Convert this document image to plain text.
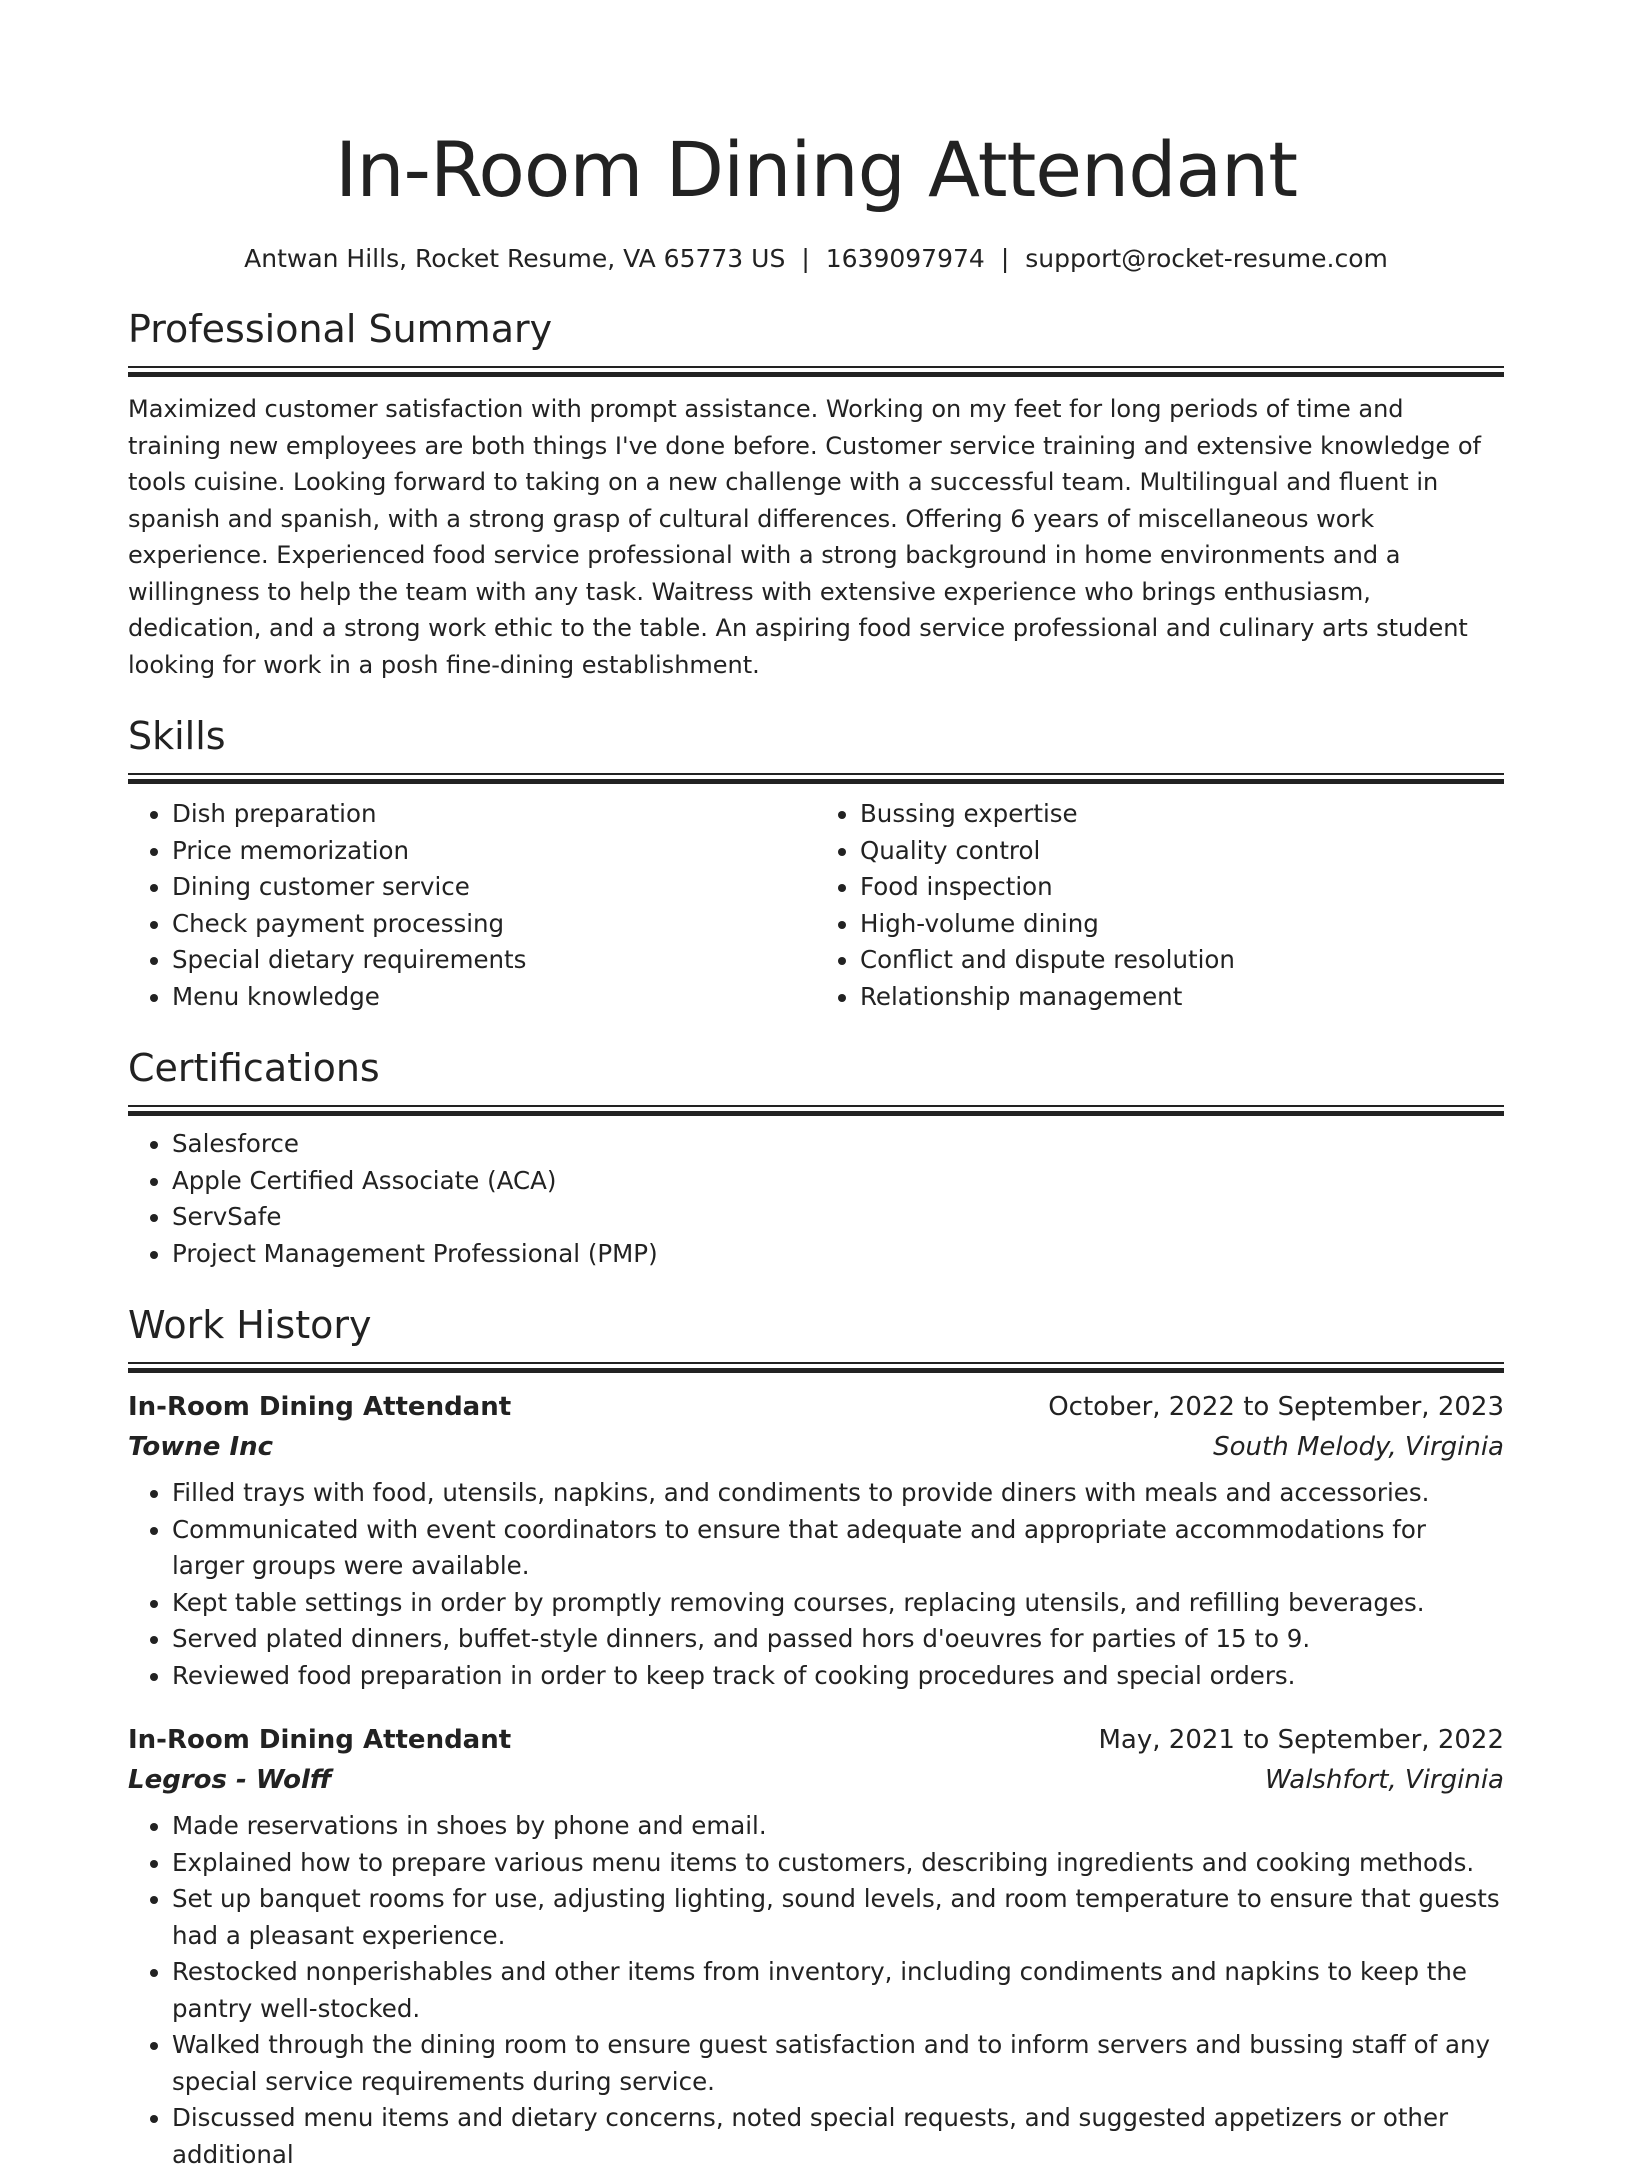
In-Room Dining Attendant
Antwan Hills, Rocket Resume, VA 65773 US | 1639097974 | support@rocket-resume.com
Professional Summary

Maximized customer satisfaction with prompt assistance. Working on my feet for long periods of time and training new employees are both things I've done before. Customer service training and extensive knowledge of tools cuisine. Looking forward to taking on a new challenge with a successful team. Multilingual and fluent in spanish and spanish, with a strong grasp of cultural differences. Offering 6 years of miscellaneous work experience. Experienced food service professional with a strong background in home environments and a willingness to help the team with any task. Waitress with extensive experience who brings enthusiasm, dedication, and a strong work ethic to the table. An aspiring food service professional and culinary arts student looking for work in a posh fine-dining establishment.

Skills
• Dish preparation
• Price memorization
• Dining customer service
• Check payment processing
• Special dietary requirements
• Menu knowledge
• Bussing expertise
• Quality control
• Food inspection
• High-volume dining
• Conflict and dispute resolution
• Relationship management
Certifications
• Salesforce
• Apple Certified Associate (ACA)
• ServSafe
• Project Management Professional (PMP)
Work History
In-Room Dining Attendant	October, 2022 to September, 2023
Towne Inc	South Melody, Virginia
• Filled trays with food, utensils, napkins, and condiments to provide diners with meals and accessories.
• Communicated with event coordinators to ensure that adequate and appropriate accommodations for larger groups were available.
• Kept table settings in order by promptly removing courses, replacing utensils, and refilling beverages.
• Served plated dinners, buffet-style dinners, and passed hors d'oeuvres for parties of 15 to 9.
• Reviewed food preparation in order to keep track of cooking procedures and special orders.
In-Room Dining Attendant	May, 2021 to September, 2022
Legros - Wolff	Walshfort, Virginia
• Made reservations in shoes by phone and email.
• Explained how to prepare various menu items to customers, describing ingredients and cooking methods.
• Set up banquet rooms for use, adjusting lighting, sound levels, and room temperature to ensure that guests had a pleasant experience.
• Restocked nonperishables and other items from inventory, including condiments and napkins to keep the pantry well-stocked.
• Walked through the dining room to ensure guest satisfaction and to inform servers and bussing staff of any special service requirements during service.
• Discussed menu items and dietary concerns, noted special requests, and suggested appetizers or other additional
